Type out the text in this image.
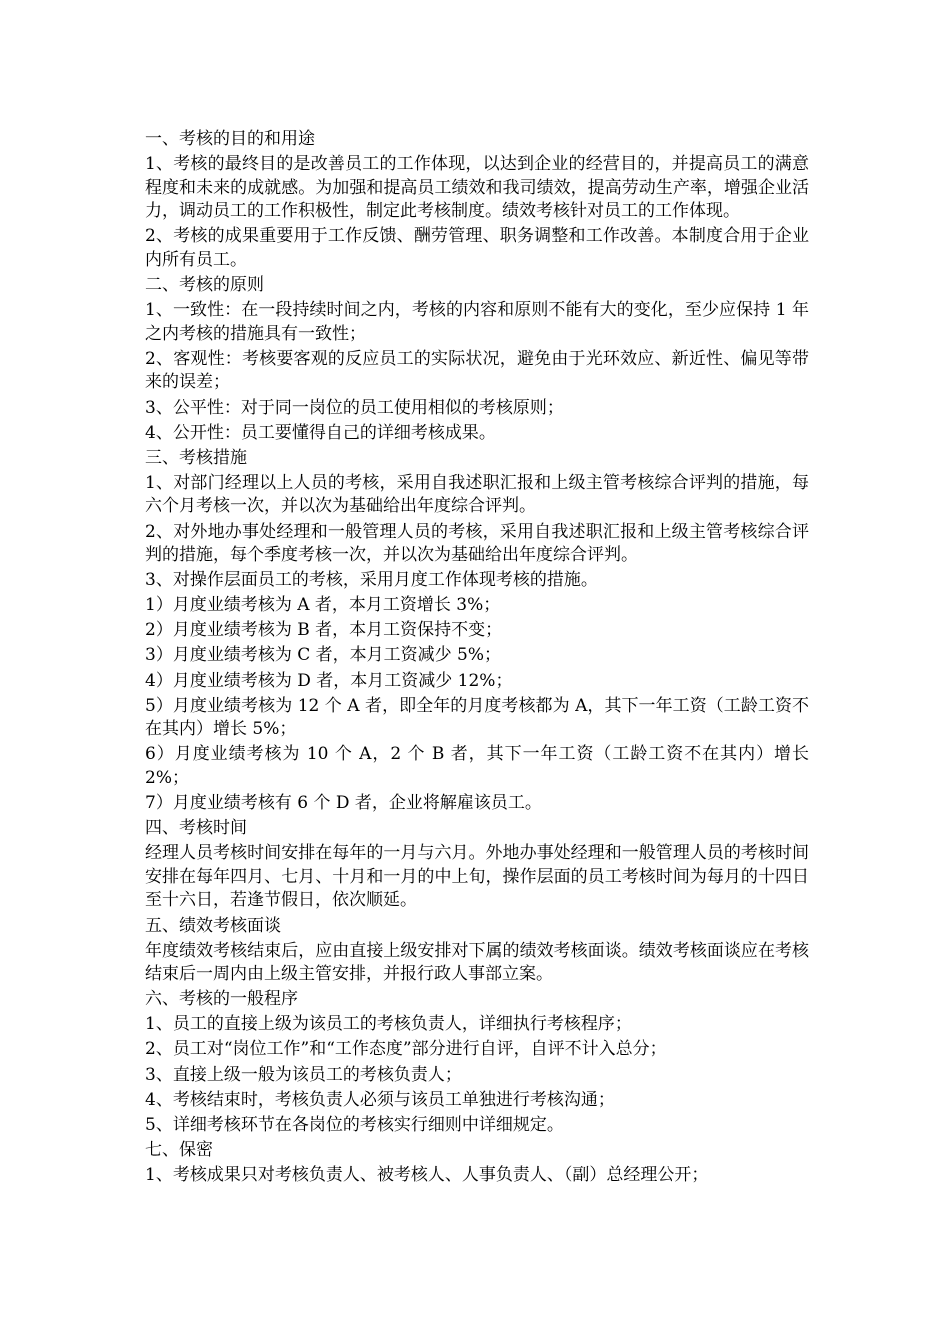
一、考核的目的和用途

1、考核的最终目的是改善员工的工作体现，以达到企业的经营目的，并提高员工的满意程度和未来的成就感。为加强和提高员工绩效和我司绩效，提高劳动生产率，增强企业活力，调动员工的工作积极性，制定此考核制度。绩效考核针对员工的工作体现。

2、考核的成果重要用于工作反馈、酬劳管理、职务调整和工作改善。本制度合用于企业内所有员工。

二、考核的原则

1、一致性：在一段持续时间之内，考核的内容和原则不能有大的变化，至少应保持 1 年之内考核的措施具有一致性；

2、客观性：考核要客观的反应员工的实际状况，避免由于光环效应、新近性、偏见等带来的误差；

3、公平性：对于同一岗位的员工使用相似的考核原则；

4、公开性：员工要懂得自己的详细考核成果。

三、考核措施

1、对部门经理以上人员的考核，采用自我述职汇报和上级主管考核综合评判的措施，每六个月考核一次，并以次为基础给出年度综合评判。

2、对外地办事处经理和一般管理人员的考核，采用自我述职汇报和上级主管考核综合评判的措施，每个季度考核一次，并以次为基础给出年度综合评判。

3、对操作层面员工的考核，采用月度工作体现考核的措施。

1）月度业绩考核为 A 者，本月工资增长 3%；

2）月度业绩考核为 B 者，本月工资保持不变；

3）月度业绩考核为 C 者，本月工资减少 5%；

4）月度业绩考核为 D 者，本月工资减少 12%；

5）月度业绩考核为 12 个 A 者，即全年的月度考核都为 A，其下一年工资（工龄工资不在其内）增长 5%；

6）月度业绩考核为 10 个 A，2 个 B 者，其下一年工资（工龄工资不在其内）增长 2%；

7）月度业绩考核有 6 个 D 者，企业将解雇该员工。

四、考核时间

经理人员考核时间安排在每年的一月与六月。外地办事处经理和一般管理人员的考核时间安排在每年四月、七月、十月和一月的中上旬，操作层面的员工考核时间为每月的十四日至十六日，若逢节假日，依次顺延。

五、绩效考核面谈

年度绩效考核结束后，应由直接上级安排对下属的绩效考核面谈。绩效考核面谈应在考核结束后一周内由上级主管安排，并报行政人事部立案。

六、考核的一般程序

1、员工的直接上级为该员工的考核负责人，详细执行考核程序；

2、员工对“岗位工作”和“工作态度”部分进行自评，自评不计入总分；

3、直接上级一般为该员工的考核负责人；

4、考核结束时，考核负责人必须与该员工单独进行考核沟通；

5、详细考核环节在各岗位的考核实行细则中详细规定。

七、保密

1、考核成果只对考核负责人、被考核人、人事负责人、（副）总经理公开；
